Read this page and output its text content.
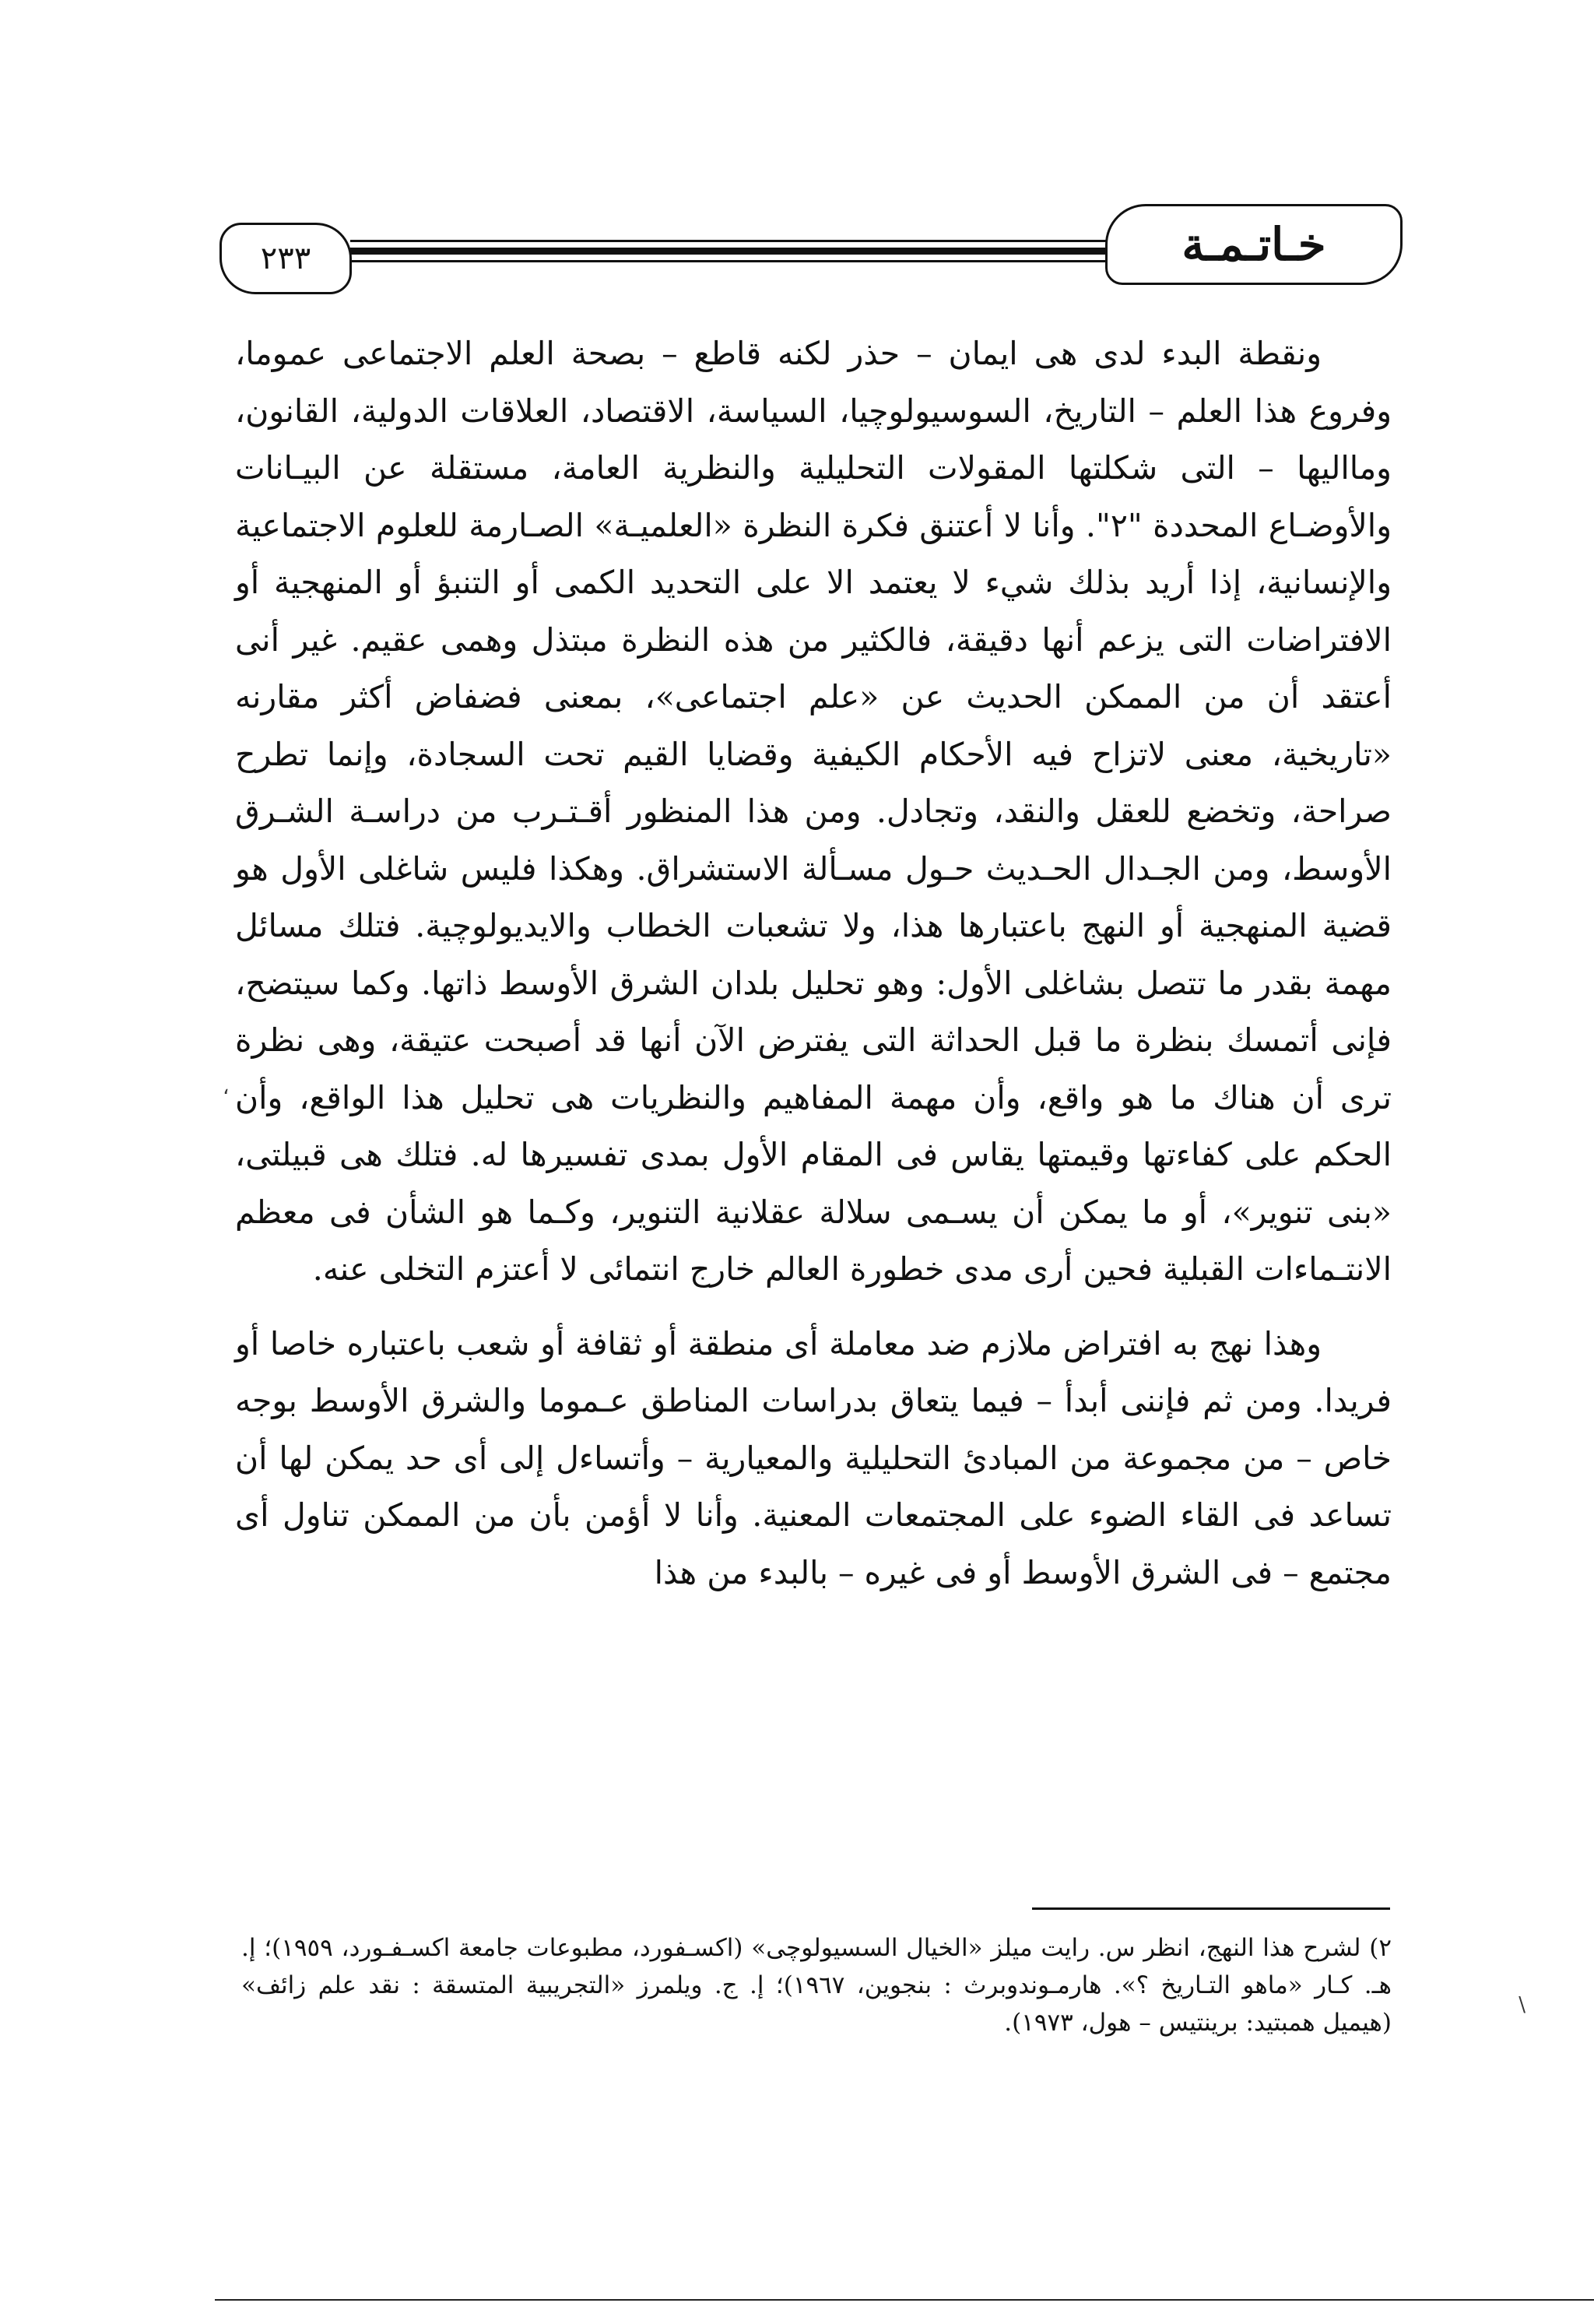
٢٣٣	خـاتـمـة

ونقطة البدء لدى هى ايمان – حذر لكنه قاطع – بصحة العلم الاجتماعى عموما، وفروع هذا العلم – التاريخ، السوسيولوچيا، السياسة، الاقتصاد، العلاقات الدولية، القانون، ومااليها – التى شكلتها المقولات التحليلية والنظرية العامة، مستقلة عن البيـانات والأوضـاع المحددة "٢". وأنا لا أعتنق فكرة النظرة «العلميـة» الصـارمة للعلوم الاجتماعية والإنسانية، إذا أريد بذلك شيء لا يعتمد الا على التحديد الكمى أو التنبؤ أو المنهجية أو الافتراضات التى يزعم أنها دقيقة، فالكثير من هذه النظرة مبتذل وهمى عقيم. غير أنى أعتقد أن من الممكن الحديث عن «علم اجتماعى»، بمعنى فضفاض أكثر مقارنه «تاريخية، معنى لاتزاح فيه الأحكام الكيفية وقضايا القيم تحت السجادة، وإنما تطرح صراحة، وتخضع للعقل والنقد، وتجادل. ومن هذا المنظور أقـتـرب من دراسـة الشـرق الأوسط، ومن الجـدال الحـديث حـول مسـألة الاستشراق. وهكذا فليس شاغلى الأول هو قضية المنهجية أو النهج باعتبارها هذا، ولا تشعبات الخطاب والايديولوچية. فتلك مسائل مهمة بقدر ما تتصل بشاغلى الأول: وهو تحليل بلدان الشرق الأوسط ذاتها. وكما سيتضح، فإنى أتمسك بنظرة ما قبل الحداثة التى يفترض الآن أنها قد أصبحت عتيقة، وهى نظرة ترى أن هناك ما هو واقع، وأن مهمة المفاهيم والنظريات هى تحليل هذا الواقع، وأن الحكم على كفاءتها وقيمتها يقاس فى المقام الأول بمدى تفسيرها له. فتلك هى قبيلتى، «بنى تنوير»، أو ما يمكن أن يسـمى سلالة عقلانية التنوير، وكـما هو الشأن فى معظم الانتـماءات القبلية فحين أرى مدى خطورة العالم خارج انتمائى لا أعتزم التخلى عنه.

وهذا نهج به افتراض ملازم ضد معاملة أى منطقة أو ثقافة أو شعب باعتباره خاصا أو فريدا. ومن ثم فإننى أبدأ – فيما يتعاق بدراسات المناطق عـموما والشرق الأوسط بوجه خاص – من مجموعة من المبادئ التحليلية والمعيارية – وأتساءل إلى أى حد يمكن لها أن تساعد فى القاء الضوء على المجتمعات المعنية. وأنا لا أؤمن بأن من الممكن تناول أى مجتمع – فى الشرق الأوسط أو فى غيره – بالبدء من هذا

،

٢) لشرح هذا النهج، انظر س. رايت ميلز «الخيال السسيولوچى» (اكسـفورد، مطبوعات جامعة اكسـفـورد، ١٩٥٩)؛ إ. هـ. كـار «ماهو التـاريخ ؟». هارمـوندوبرث : بنجوين، ١٩٦٧)؛ إ. ج. ويلمرز «التجريبية المتسقة : نقد علم زائف» (هيميل همبتيد: برينتيس – هول، ١٩٧٣).

\
